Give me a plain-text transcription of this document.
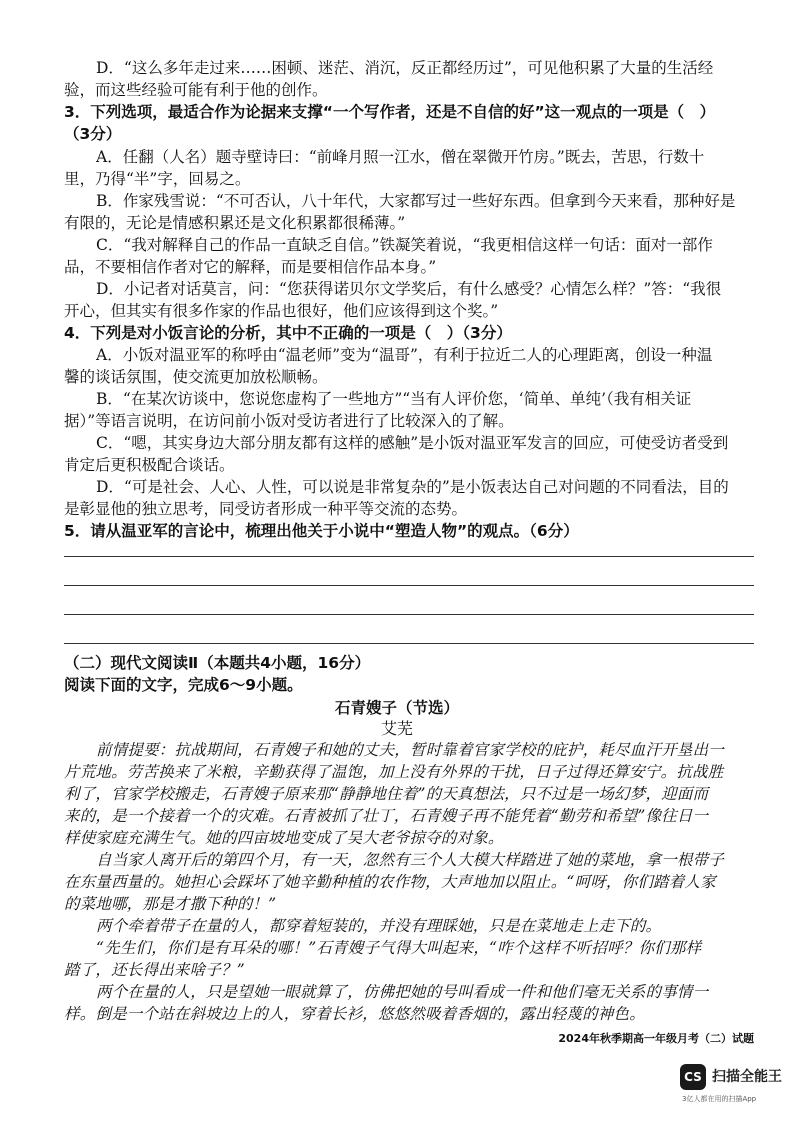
D．“这么多年走过来……困顿、迷茫、消沉，反正都经历过”，可见他积累了大量的生活经
验，而这些经验可能有利于他的创作。
3．下列选项，最适合作为论据来支撑“一个写作者，还是不自信的好”这一观点的一项是（　）
（3分）
A．任翻（人名）题寺壁诗曰：“前峰月照一江水，僧在翠微开竹房。”既去，苦思，行数十
里，乃得“半”字，回易之。
B．作家残雪说：“不可否认，八十年代，大家都写过一些好东西。但拿到今天来看，那种好是
有限的，无论是情感积累还是文化积累都很稀薄。”
C．“我对解释自己的作品一直缺乏自信。”铁凝笑着说，“我更相信这样一句话：面对一部作
品，不要相信作者对它的解释，而是要相信作品本身。”
D．小记者对话莫言，问：“您获得诺贝尔文学奖后，有什么感受？心情怎么样？”答：“我很
开心，但其实有很多作家的作品也很好，他们应该得到这个奖。”
4．下列是对小饭言论的分析，其中不正确的一项是（　）（3分）
A．小饭对温亚军的称呼由“温老师”变为“温哥”，有利于拉近二人的心理距离，创设一种温
馨的谈话氛围，使交流更加放松顺畅。
B．“在某次访谈中，您说您虚构了一些地方”“当有人评价您，‘简单、单纯’（我有相关证
据）”等语言说明，在访问前小饭对受访者进行了比较深入的了解。
C．“嗯，其实身边大部分朋友都有这样的感触”是小饭对温亚军发言的回应，可使受访者受到
肯定后更积极配合谈话。
D．“可是社会、人心、人性，可以说是非常复杂的”是小饭表达自己对问题的不同看法，目的
是彰显他的独立思考，同受访者形成一种平等交流的态势。
5．请从温亚军的言论中，梳理出他关于小说中“塑造人物”的观点。（6分）
（二）现代文阅读Ⅱ（本题共4小题，16分）
阅读下面的文字，完成6～9小题。
石青嫂子（节选）
艾芜
前情提要：抗战期间，石青嫂子和她的丈夫，暂时靠着官家学校的庇护，耗尽血汗开垦出一
片荒地。劳苦换来了米粮，辛勤获得了温饱，加上没有外界的干扰，日子过得还算安宁。抗战胜
利了，官家学校搬走，石青嫂子原来那“静静地住着”的天真想法，只不过是一场幻梦，迎面而
来的，是一个接着一个的灾难。石青被抓了壮丁，石青嫂子再不能凭着“勤劳和希望”像往日一
样使家庭充满生气。她的四亩坡地变成了吴大老爷掠夺的对象。
自当家人离开后的第四个月，有一天，忽然有三个人大模大样踏进了她的菜地，拿一根带子
在东量西量的。她担心会踩坏了她辛勤种植的农作物，大声地加以阻止。“呵呀，你们踏着人家
的菜地哪，那是才撒下种的！”
两个牵着带子在量的人，都穿着短装的，并没有理睬她，只是在菜地走上走下的。
“先生们，你们是有耳朵的哪！”石青嫂子气得大叫起来，“咋个这样不听招呼？你们那样
踏了，还长得出来啥子？”
两个在量的人，只是望她一眼就算了，仿佛把她的号叫看成一件和他们毫无关系的事情一
样。倒是一个站在斜坡边上的人，穿着长衫，悠悠然吸着香烟的，露出轻蔑的神色。
2024年秋季期高一年级月考（二）试题
CS 扫描全能王
3亿人都在用的扫描App
